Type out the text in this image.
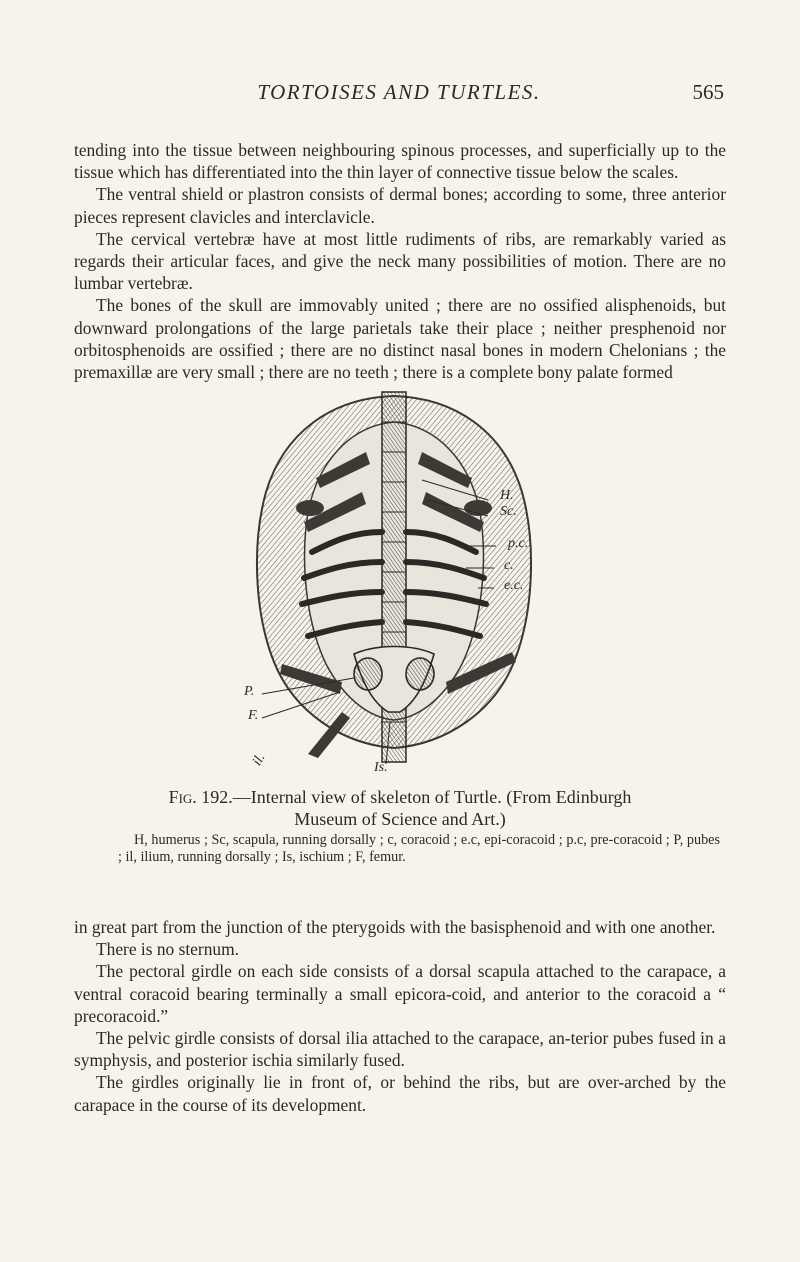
TORTOISES AND TURTLES.	565

tending into the tissue between neighbouring spinous processes, and superficially up to the tissue which has differentiated into the thin layer of connective tissue below the scales.

The ventral shield or plastron consists of dermal bones; according to some, three anterior pieces represent clavicles and interclavicle.

The cervical vertebræ have at most little rudiments of ribs, are remarkably varied as regards their articular faces, and give the neck many possibilities of motion. There are no lumbar vertebræ.

The bones of the skull are immovably united ; there are no ossified alisphenoids, but downward prolongations of the large parietals take their place ; neither presphenoid nor orbitosphenoids are ossified ; there are no distinct nasal bones in modern Chelonians ; the premaxillæ are very small ; there are no teeth ; there is a complete bony palate formed

H.
Sc.
p.c.
c.
e.c.
P.
F.
il.	Is.
Fig. 192.—Internal view of skeleton of Turtle. (From Edinburgh Museum of Science and Art.)
H, humerus ; Sc, scapula, running dorsally ; c, coracoid ; e.c, epi-coracoid ; p.c, pre-coracoid ; P, pubes ; il, ilium, running dorsally ; Is, ischium ; F, femur.

in great part from the junction of the pterygoids with the basisphenoid and with one another.

There is no sternum.

The pectoral girdle on each side consists of a dorsal scapula attached to the carapace, a ventral coracoid bearing terminally a small epicora-coid, and anterior to the coracoid a “ precoracoid.”

The pelvic girdle consists of dorsal ilia attached to the carapace, an-terior pubes fused in a symphysis, and posterior ischia similarly fused.

The girdles originally lie in front of, or behind the ribs, but are over-arched by the carapace in the course of its development.
